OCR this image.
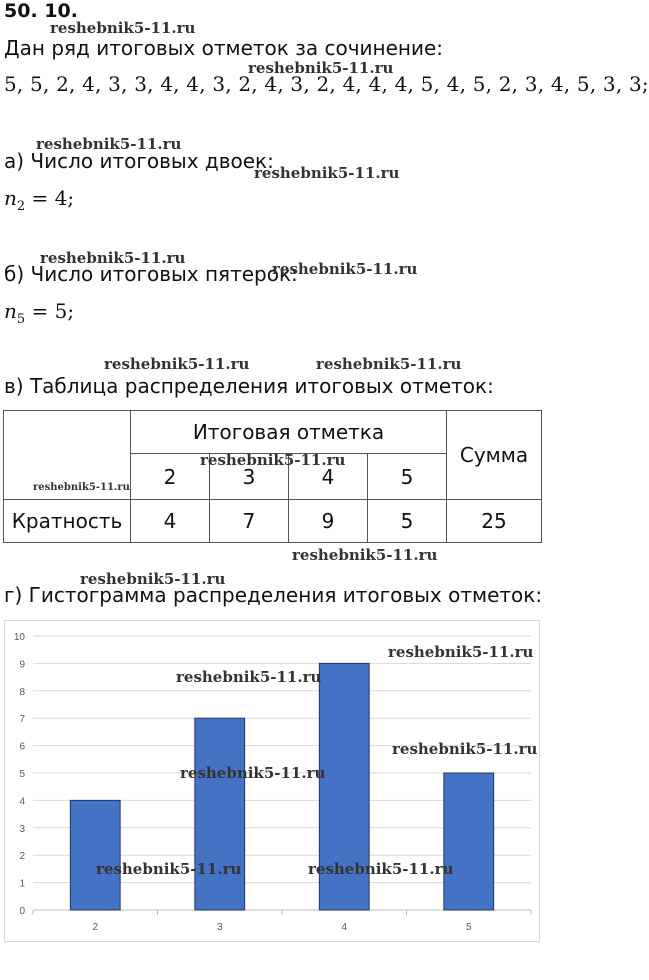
50. 10.
Дан ряд итоговых отметок за сочинение:
5, 5, 2, 4, 3, 3, 4, 4, 3, 2, 4, 3, 2, 4, 4, 4, 5, 4, 5, 2, 3, 4, 5, 3, 3;
а) Число итоговых двоек:
$n_2 = 4$;
б) Число итоговых пятерок:
$n_5 = 5$;
в) Таблица распределения итоговых отметок:
	Итоговая отметка				Сумма
	2	3	4	5	
Кратность	4	7	9	5	25
г) Гистограмма распределения итоговых отметок:
0
1
2
3
4
5
6
7
8
9
10
2	3	4	5
reshebnik5-11.ru
reshebnik5-11.ru
reshebnik5-11.ru
reshebnik5-11.ru
reshebnik5-11.ru
reshebnik5-11.ru
reshebnik5-11.ru	reshebnik5-11.ru
reshebnik5-11.ru
reshebnik5-11.ru
reshebnik5-11.ru
reshebnik5-11.ru
reshebnik5-11.ru
reshebnik5-11.ru
reshebnik5-11.ru
reshebnik5-11.ru
reshebnik5-11.ru	reshebnik5-11.ru
